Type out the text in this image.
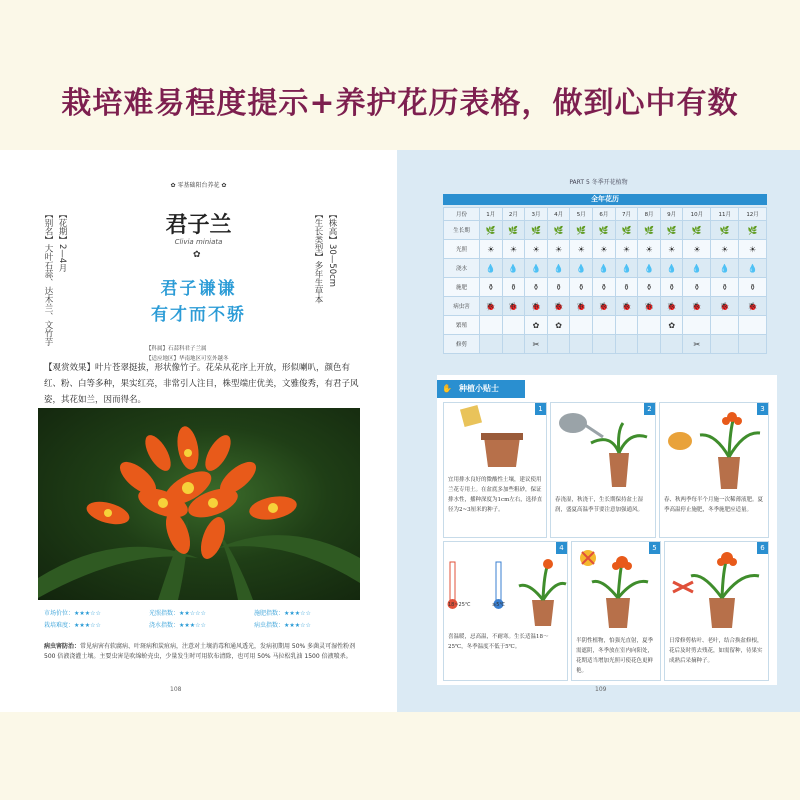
栽培难易程度提示+养护花历表格，做到心中有数
✿ 零基础阳台养花 ✿
【花期】2—4月
【别名】大叶石蒜、达木兰、文竹芋	【株高】30—50cm
【生长类型】多年生草本
君子兰
Clivia miniata
✿
君子谦谦
有才而不骄
【科属】石蒜科君子兰属
【适应地区】华南地区可室外越冬
【观赏效果】叶片苍翠挺拔，形状像竹子。花朵从花序上开放，形似喇叭，颜色有红、粉、白等多种，果实红亮，非常引人注目，株型端庄优美，文雅俊秀，有君子风姿，其花如兰，因而得名。
市场价位：★★★☆☆	光照指数：★★☆☆☆	施肥指数：★★★☆☆
栽培难度：★★★☆☆	浇水指数：★★★☆☆	病虫指数：★★★☆☆
病虫害防治：常见病害有软腐病、叶斑病和炭疽病，注意对土壤消毒和通风透光，发病初期用 50% 多菌灵可湿性粉剂 500 倍液浇灌土壤。主要虫害是吹绵蚧壳虫，少量发生时可用软布清除，也可用 50% 马拉松乳油 1500 倍液喷杀。
108
PART 5 冬季开花植物
全年花历
月份	1月	2月	3月	4月	5月	6月	7月	8月	9月	10月	11月	12月
生长期	🌿	🌿	🌿	🌿	🌿	🌿	🌿	🌿	🌿	🌿	🌿	🌿
光照	☀	☀	☀	☀	☀	☀	☀	☀	☀	☀	☀	☀
浇水	💧	💧	💧	💧	💧	💧	💧	💧	💧	💧	💧	💧
施肥	⚱	⚱	⚱	⚱	⚱	⚱	⚱	⚱	⚱	⚱	⚱	⚱
病虫害	🐞	🐞	🐞	🐞	🐞	🐞	🐞	🐞	🐞	🐞	🐞	🐞
繁殖			✿	✿					✿			
修剪			✂							✂		
✋ 种植小贴士
1
宜用排水良好的微酸性土壤，建议使用兰花专用土。在盆底多加些粗砂，保证排水性，播种深度为1cm左右，选择直径为2~3厘米的种子。
2
春浇湿，秋浇干，生长期保持盆土湿润，盛夏高温季节要注意加强通风。
3
春、秋两季每半个月施一次稀薄液肥。夏季高温停止施肥，冬季施肥应适量。
4
18~25℃	≥5℃
喜温暖，忌高温，不耐寒。生长适温18～25℃，冬季温度不低于5℃。
5
半阴性植物，怕强光直射，夏季需遮阴，冬季放在室内向阳处，花期适当增加光照可使花色更鲜艳。
6
日常修剪枯叶、老叶，结合换盆修根，花后及时剪去残花，如需留种，待果实成熟后采摘种子。
109
